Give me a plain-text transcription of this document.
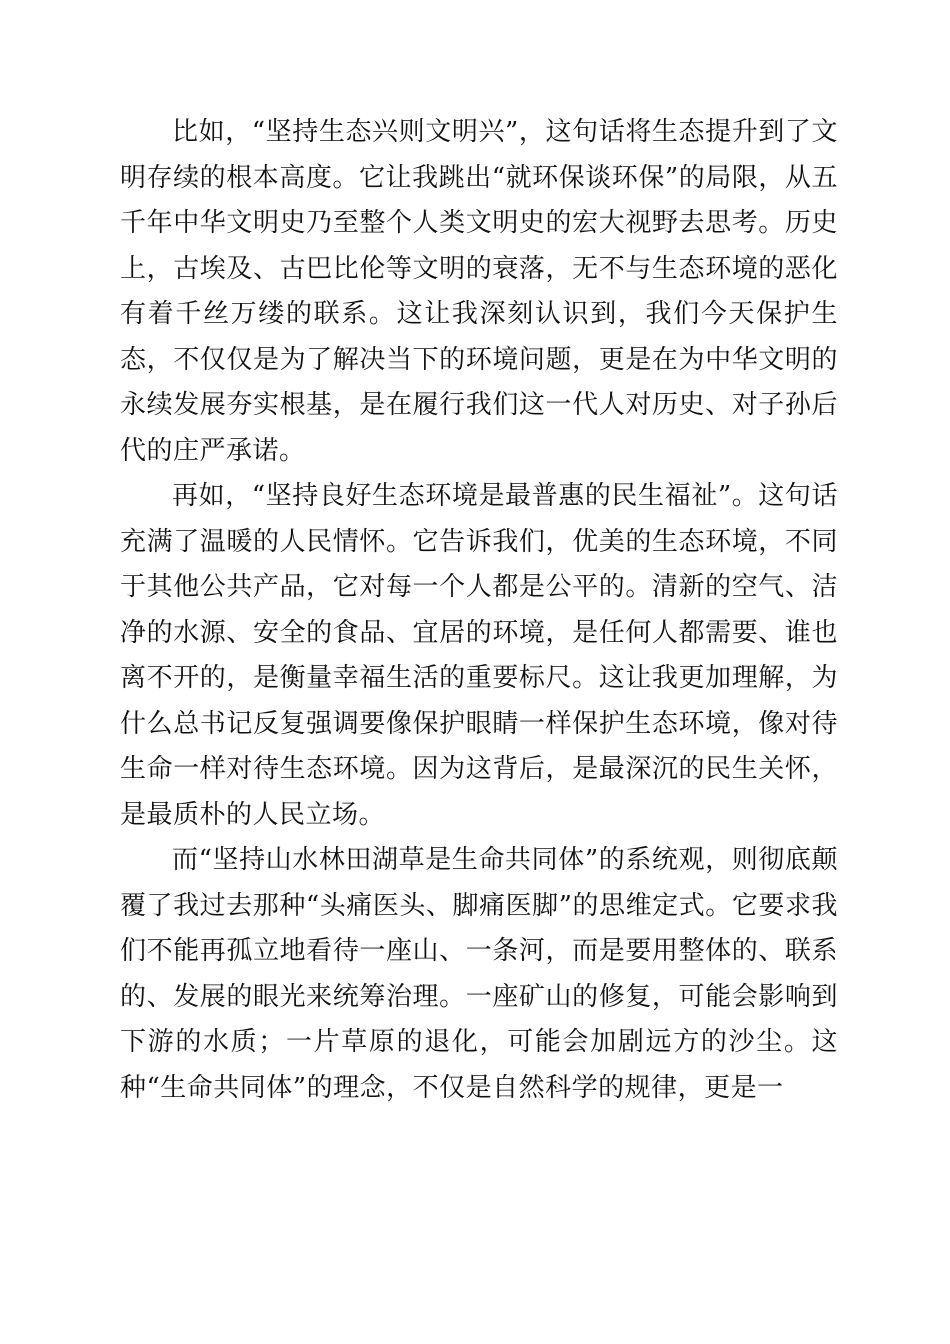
比如，“坚持生态兴则文明兴”，这句话将生态提升到了文明存续的根本高度。它让我跳出“就环保谈环保”的局限，从五千年中华文明史乃至整个人类文明史的宏大视野去思考。历史上，古埃及、古巴比伦等文明的衰落，无不与生态环境的恶化有着千丝万缕的联系。这让我深刻认识到，我们今天保护生态，不仅仅是为了解决当下的环境问题，更是在为中华文明的永续发展夯实根基，是在履行我们这一代人对历史、对子孙后代的庄严承诺。

再如，“坚持良好生态环境是最普惠的民生福祉”。这句话充满了温暖的人民情怀。它告诉我们，优美的生态环境，不同于其他公共产品，它对每一个人都是公平的。清新的空气、洁净的水源、安全的食品、宜居的环境，是任何人都需要、谁也离不开的，是衡量幸福生活的重要标尺。这让我更加理解，为什么总书记反复强调要像保护眼睛一样保护生态环境，像对待生命一样对待生态环境。因为这背后，是最深沉的民生关怀，是最质朴的人民立场。

而“坚持山水林田湖草是生命共同体”的系统观，则彻底颠覆了我过去那种“头痛医头、脚痛医脚”的思维定式。它要求我们不能再孤立地看待一座山、一条河，而是要用整体的、联系的、发展的眼光来统筹治理。一座矿山的修复，可能会影响到下游的水质；一片草原的退化，可能会加剧远方的沙尘。这种“生命共同体”的理念，不仅是自然科学的规律，更是一
